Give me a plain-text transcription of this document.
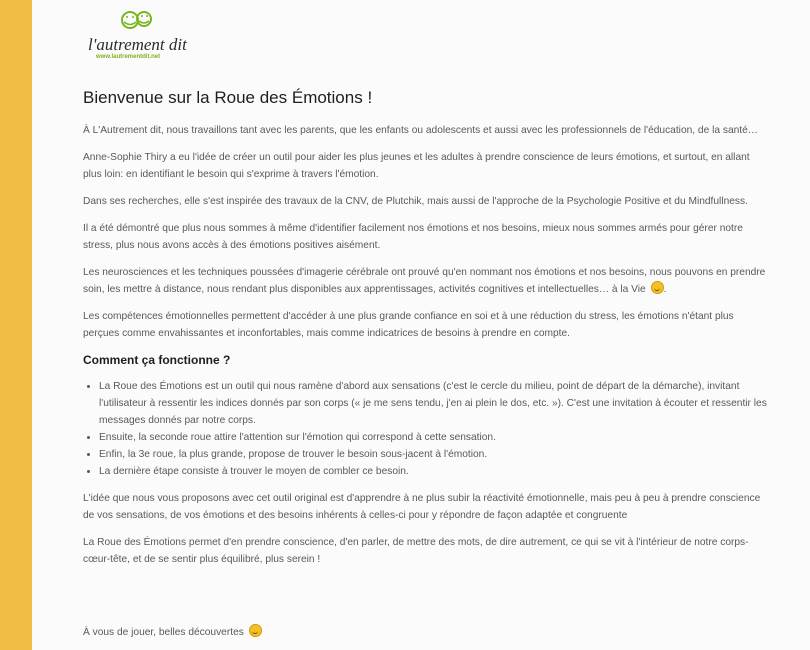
l'autrement dit
www.lautrementdit.net
Bienvenue sur la Roue des Émotions !

À L'Autrement dit, nous travaillons tant avec les parents, que les enfants ou adolescents et aussi avec les professionnels de l'éducation, de la santé…

Anne-Sophie Thiry a eu l'idée de créer un outil pour aider les plus jeunes et les adultes à prendre conscience de leurs émotions, et surtout, en allant plus loin: en identifiant le besoin qui s'exprime à travers l'émotion.

Dans ses recherches, elle s'est inspirée des travaux de la CNV, de Plutchik, mais aussi de l'approche de la Psychologie Positive et du Mindfullness.

Il a été démontré que plus nous sommes à même d'identifier facilement nos émotions et nos besoins, mieux nous sommes armés pour gérer notre stress, plus nous avons accès à des émotions positives aisément.

Les neurosciences et les techniques poussées d'imagerie cérébrale ont prouvé qu'en nommant nos émotions et nos besoins, nous pouvons en prendre soin, les mettre à distance, nous rendant plus disponibles aux apprentissages, activités cognitives et intellectuelles… à la Vie .

Les compétences émotionnelles permettent d'accéder à une plus grande confiance en soi et à une réduction du stress, les émotions n'étant plus perçues comme envahissantes et inconfortables, mais comme indicatrices de besoins à prendre en compte.

Comment ça fonctionne ?
• La Roue des Émotions est un outil qui nous ramène d'abord aux sensations (c'est le cercle du milieu, point de départ de la démarche), invitant l'utilisateur à ressentir les indices donnés par son corps (« je me sens tendu, j'en ai plein le dos, etc. »). C'est une invitation à écouter et ressentir les messages donnés par notre corps.
• Ensuite, la seconde roue attire l'attention sur l'émotion qui correspond à cette sensation.
• Enfin, la 3e roue, la plus grande, propose de trouver le besoin sous-jacent à l'émotion.
• La dernière étape consiste à trouver le moyen de combler ce besoin.

L'idée que nous vous proposons avec cet outil original est d'apprendre à ne plus subir la réactivité émotionnelle, mais peu à peu à prendre conscience de vos sensations, de vos émotions et des besoins inhérents à celles-ci pour y répondre de façon adaptée et congruente

La Roue des Émotions permet d'en prendre conscience, d'en parler, de mettre des mots, de dire autrement, ce qui se vit à l'intérieur de notre corps-cœur-tête, et de se sentir plus équilibré, plus serein !

À vous de jouer, belles découvertes
